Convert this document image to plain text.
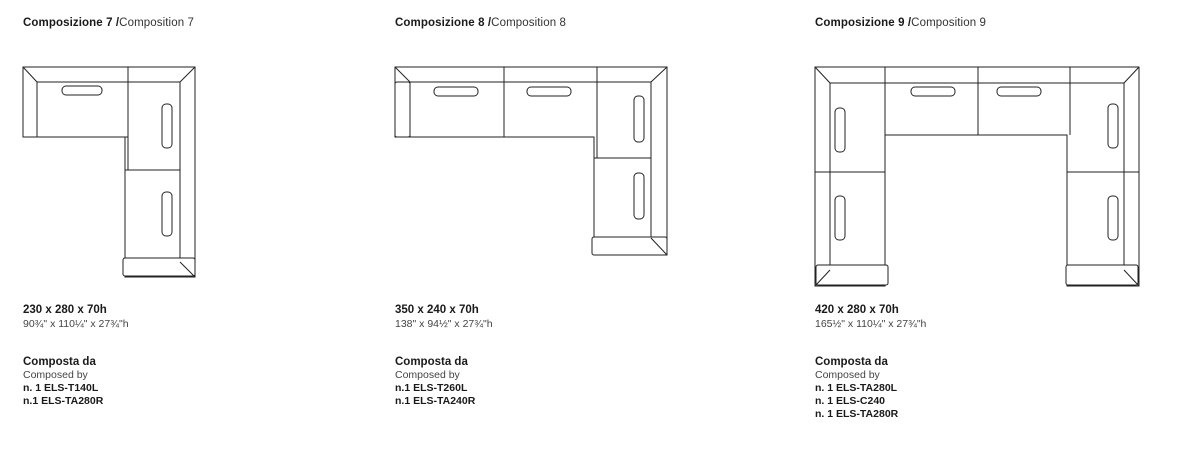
Composizione 7 /Composition 7
230 x 280 x 70h
90¾" x 110¼" x 27¾"h
Composta da
Composed by
n. 1 ELS-T140L
n.1 ELS-TA280R
Composizione 8 /Composition 8
350 x 240 x 70h
138" x 94½" x 27¾"h
Composta da
Composed by
n.1 ELS-T260L
n.1 ELS-TA240R
Composizione 9 /Composition 9
420 x 280 x 70h
165½" x 110¼" x 27¾"h
Composta da
Composed by
n. 1 ELS-TA280L
n. 1 ELS-C240
n. 1 ELS-TA280R
